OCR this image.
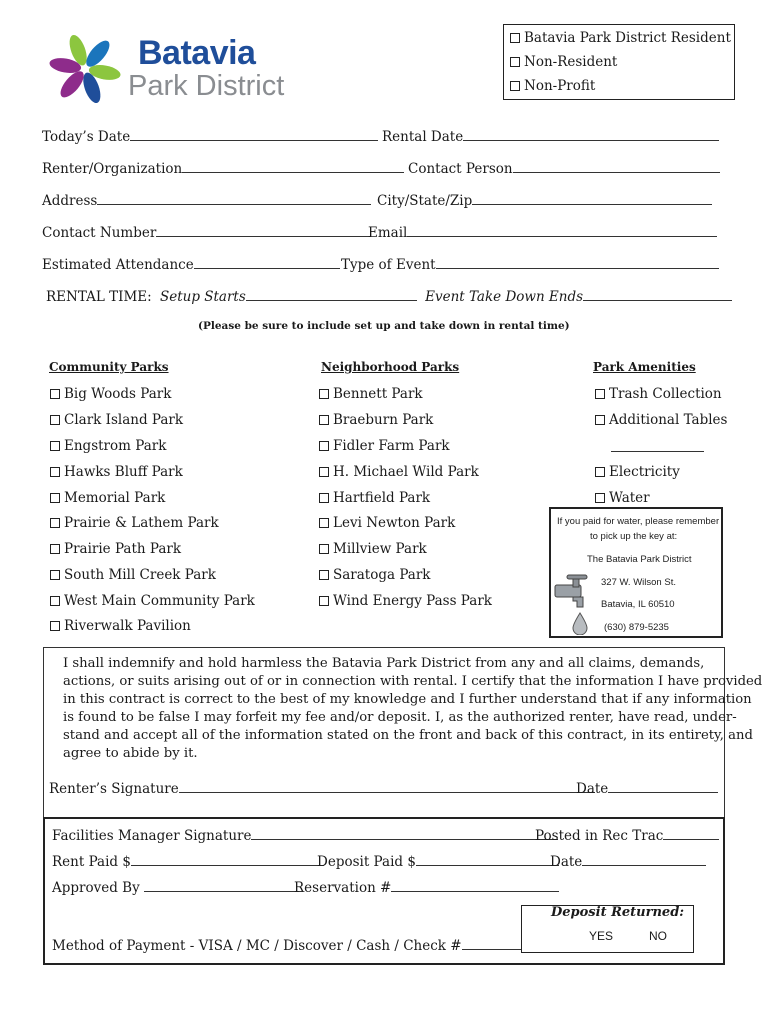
Batavia
Park District
Batavia Park District Resident
Non-Resident
Non-Profit
Today’s Date	Rental Date
Renter/Organization	Contact Person
Address	City/State/Zip
Contact Number	Email
Estimated Attendance	Type of Event
RENTAL TIME: Setup Starts	Event Take Down Ends
(Please be sure to include set up and take down in rental time)
Community Parks	Neighborhood Parks	Park Amenities
Big Woods Park
Clark Island Park
Engstrom Park
Hawks Bluff Park
Memorial Park
Prairie & Lathem Park
Prairie Path Park
South Mill Creek Park
West Main Community Park
Riverwalk Pavilion
Bennett Park
Braeburn Park
Fidler Farm Park
H. Michael Wild Park
Hartfield Park
Levi Newton Park
Millview Park
Saratoga Park
Wind Energy Pass Park
Trash Collection
Additional Tables
Electricity
Water
If you paid for water, please remember
to pick up the key at:
The Batavia Park District
327 W. Wilson St.
Batavia, IL 60510
(630) 879-5235
I shall indemnify and hold harmless the Batavia Park District from any and all claims, demands,
actions, or suits arising out of or in connection with rental. I certify that the information I have provided
in this contract is correct to the best of my knowledge and I further understand that if any information
is found to be false I may forfeit my fee and/or deposit. I, as the authorized renter, have read, under-
stand and accept all of the information stated on the front and back of this contract, in its entirety, and
agree to abide by it.
Renter’s Signature	Date
Facilities Manager Signature	Posted in Rec Trac
Rent Paid $	Deposit Paid $	Date
Approved By	Reservation #
Method of Payment - VISA / MC / Discover / Cash / Check #
Deposit Returned:
YES	NO
